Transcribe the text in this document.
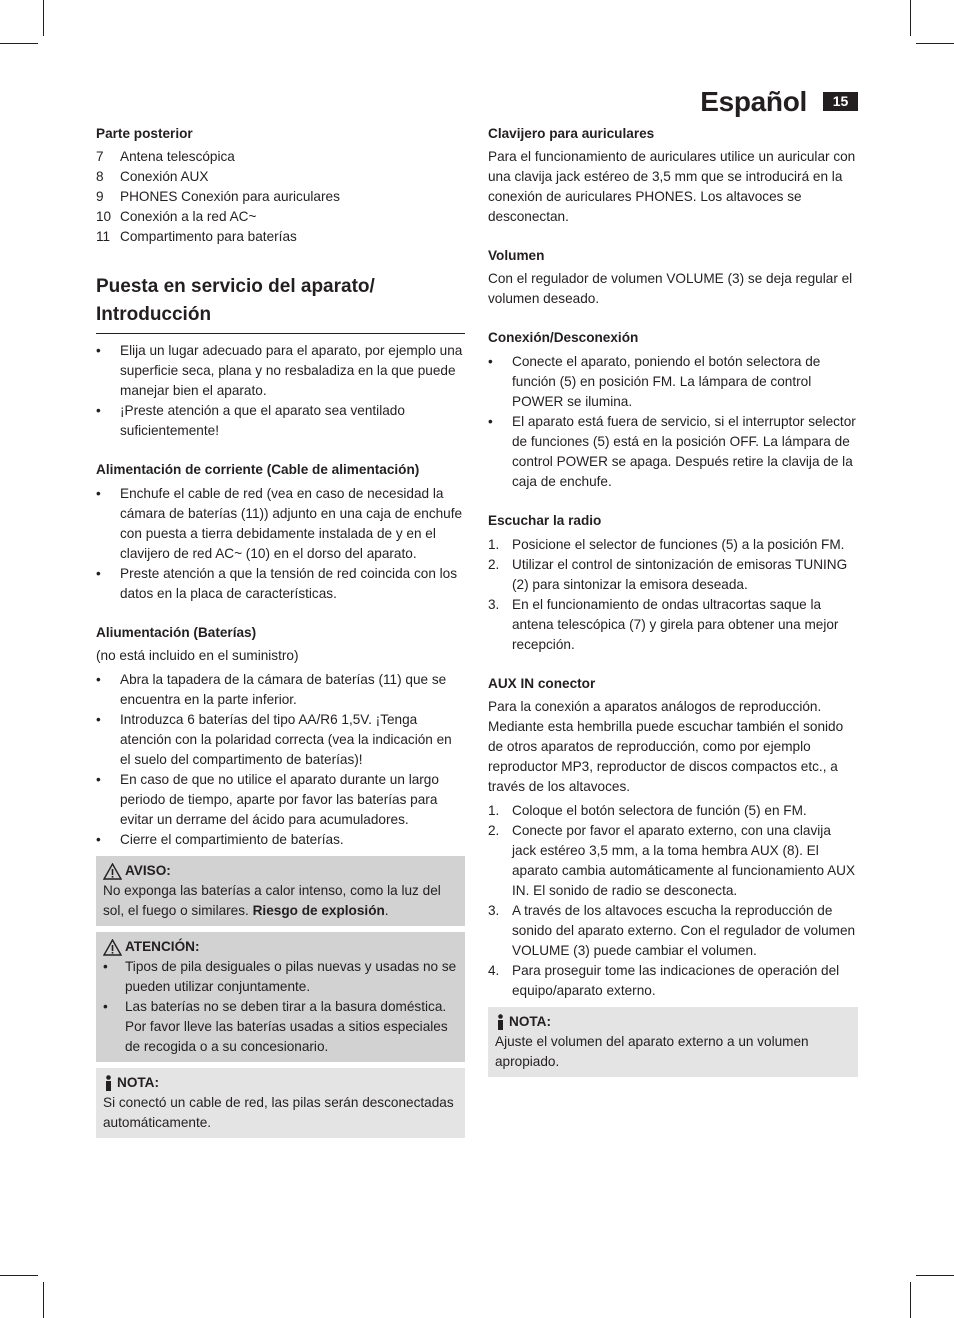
Español	15
Parte posterior
7	Antena telescópica
8	Conexión AUX
9	PHONES Conexión para auriculares
10 Conexión a la red AC~
11 Compartimento para baterías
Puesta en servicio del aparato/ Introducción
• Elija un lugar adecuado para el aparato, por ejemplo una superficie seca, plana y no resbaladiza en la que puede manejar bien el aparato.
• ¡Preste atención a que el aparato sea ventilado suficientemente!
Alimentación de corriente (Cable de alimentación)
• Enchufe el cable de red (vea en caso de necesidad la cámara de baterías (11)) adjunto en una caja de enchufe con puesta a tierra debidamente instalada de y en el clavijero de red AC~ (10) en el dorso del aparato.
• Preste atención a que la tensión de red coincida con los datos en la placa de características.
Aliumentación (Baterías)

(no está incluido en el suministro)

• Abra la tapadera de la cámara de baterías (11) que se encuentra en la parte inferior.
• Introduzca 6 baterías del tipo AA/R6 1,5V. ¡Tenga atención con la polaridad correcta (vea la indicación en el suelo del compartimento de baterías)!
• En caso de que no utilice el aparato durante un largo periodo de tiempo, aparte por favor las baterías para evitar un derrame del ácido para acumuladores.
• Cierre el compartimiento de baterías.
AVISO:

No exponga las baterías a calor intenso, como la luz del sol, el fuego o similares. Riesgo de explosión.

ATENCIÓN:
• Tipos de pila desiguales o pilas nuevas y usadas no se pueden utilizar conjuntamente.
• Las baterías no se deben tirar a la basura doméstica. Por favor lleve las baterías usadas a sitios especiales de recogida o a su concesionario.
NOTA:

Si conectó un cable de red, las pilas serán desconectadas automáticamente.

Clavijero para auriculares

Para el funcionamiento de auriculares utilice un auricular con una clavija jack estéreo de 3,5 mm que se introducirá en la conexión de auriculares PHONES. Los altavoces se desconectan.

Volumen

Con el regulador de volumen VOLUME (3) se deja regular el volumen deseado.

Conexión/Desconexión
• Conecte el aparato, poniendo el botón selectora de función (5) en posición FM. La lámpara de control POWER se ilumina.
• El aparato está fuera de servicio, si el interruptor selector de funciones (5) está en la posición OFF. La lámpara de control POWER se apaga. Después retire la clavija de la caja de enchufe.
Escuchar la radio
1. Posicione el selector de funciones (5) a la posición FM.
2. Utilizar el control de sintonización de emisoras TUNING (2) para sintonizar la emisora deseada.
3. En el funcionamiento de ondas ultracortas saque la antena telescópica (7) y girela para obtener una mejor recepción.
AUX IN conector

Para la conexión a aparatos análogos de reproducción. Mediante esta hembrilla puede escuchar también el sonido de otros aparatos de reproducción, como por ejemplo reproductor MP3, reproductor de discos compactos etc., a través de los altavoces.

1. Coloque el botón selectora de función (5) en FM.
2. Conecte por favor el aparato externo, con una clavija jack estéreo 3,5 mm, a la toma hembra AUX (8). El aparato cambia automáticamente al funcionamiento AUX IN. El sonido de radio se desconecta.
3. A través de los altavoces escucha la reproducción de sonido del aparato externo. Con el regulador de volumen VOLUME (3) puede cambiar el volumen.
4. Para proseguir tome las indicaciones de operación del equipo/aparato externo.
NOTA:

Ajuste el volumen del aparato externo a un volumen apropiado.
